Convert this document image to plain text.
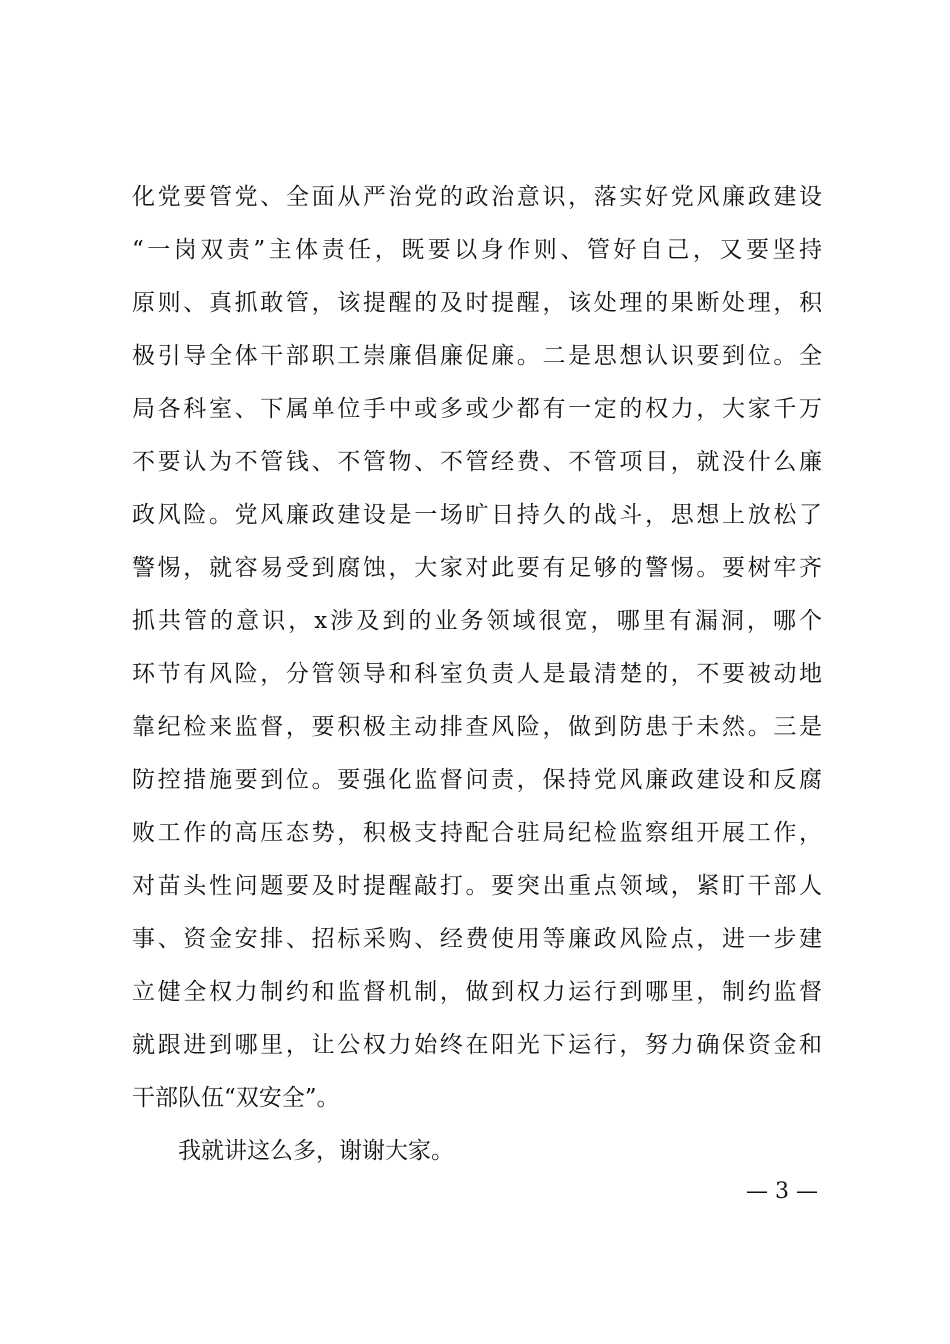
化党要管党、全面从严治党的政治意识，落实好党风廉政建设
“一岗双责”主体责任，既要以身作则、管好自己，又要坚持
原则、真抓敢管，该提醒的及时提醒，该处理的果断处理，积
极引导全体干部职工崇廉倡廉促廉。二是思想认识要到位。全
局各科室、下属单位手中或多或少都有一定的权力，大家千万
不要认为不管钱、不管物、不管经费、不管项目，就没什么廉
政风险。党风廉政建设是一场旷日持久的战斗，思想上放松了
警惕，就容易受到腐蚀，大家对此要有足够的警惕。要树牢齐
抓共管的意识，x涉及到的业务领域很宽，哪里有漏洞，哪个
环节有风险，分管领导和科室负责人是最清楚的，不要被动地
靠纪检来监督，要积极主动排查风险，做到防患于未然。三是
防控措施要到位。要强化监督问责，保持党风廉政建设和反腐
败工作的高压态势，积极支持配合驻局纪检监察组开展工作，
对苗头性问题要及时提醒敲打。要突出重点领域，紧盯干部人
事、资金安排、招标采购、经费使用等廉政风险点，进一步建
立健全权力制约和监督机制，做到权力运行到哪里，制约监督
就跟进到哪里，让公权力始终在阳光下运行，努力确保资金和
干部队伍“双安全”。
我就讲这么多，谢谢大家。
— 3 —
